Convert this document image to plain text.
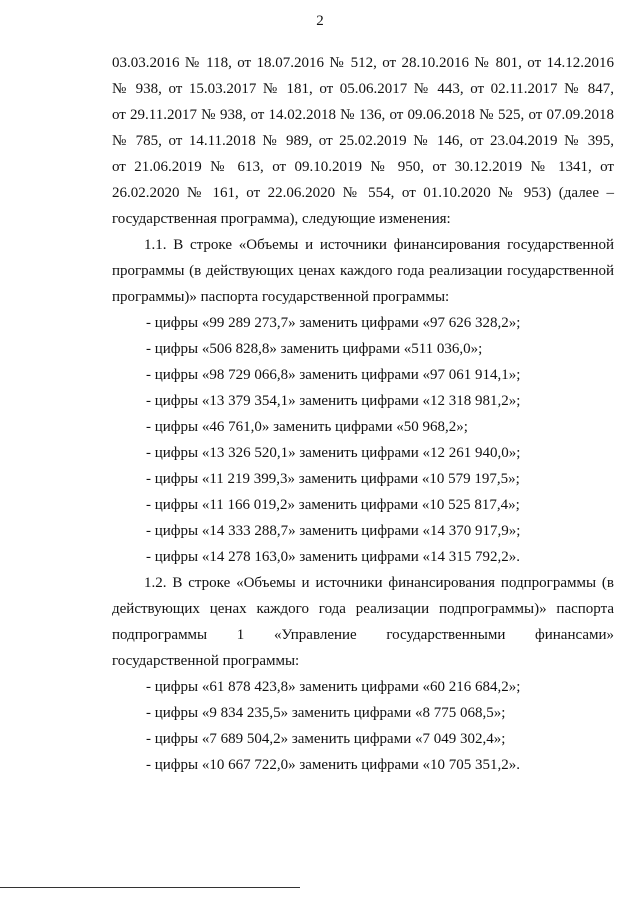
2
03.03.2016 № 118, от 18.07.2016 № 512, от 28.10.2016 № 801, от 14.12.2016
№ 938, от 15.03.2017 № 181, от 05.06.2017 № 443, от 02.11.2017 № 847,
от 29.11.2017 № 938, от 14.02.2018 № 136, от 09.06.2018 № 525, от 07.09.2018
№ 785, от 14.11.2018 № 989, от 25.02.2019 № 146, от 23.04.2019 № 395,
от 21.06.2019 № 613, от 09.10.2019 № 950, от 30.12.2019 № 1341, от
26.02.2020 № 161, от 22.06.2020 № 554, от 01.10.2020 № 953) (далее –
государственная программа), следующие изменения:
1.1. В строке «Объемы и источники финансирования государственной
программы (в действующих ценах каждого года реализации государственной
программы)» паспорта государственной программы:
- цифры «99 289 273,7» заменить цифрами «97 626 328,2»;
- цифры «506 828,8» заменить цифрами «511 036,0»;
- цифры «98 729 066,8» заменить цифрами «97 061 914,1»;
- цифры «13 379 354,1» заменить цифрами «12 318 981,2»;
- цифры «46 761,0» заменить цифрами «50 968,2»;
- цифры «13 326 520,1» заменить цифрами «12 261 940,0»;
- цифры «11 219 399,3» заменить цифрами «10 579 197,5»;
- цифры «11 166 019,2» заменить цифрами «10 525 817,4»;
- цифры «14 333 288,7» заменить цифрами «14 370 917,9»;
- цифры «14 278 163,0» заменить цифрами «14 315 792,2».
1.2. В строке «Объемы и источники финансирования подпрограммы (в
действующих ценах каждого года реализации подпрограммы)» паспорта
подпрограммы 1 «Управление государственными финансами»
государственной программы:
- цифры «61 878 423,8» заменить цифрами «60 216 684,2»;
- цифры «9 834 235,5» заменить цифрами «8 775 068,5»;
- цифры «7 689 504,2» заменить цифрами «7 049 302,4»;
- цифры «10 667 722,0» заменить цифрами «10 705 351,2».
